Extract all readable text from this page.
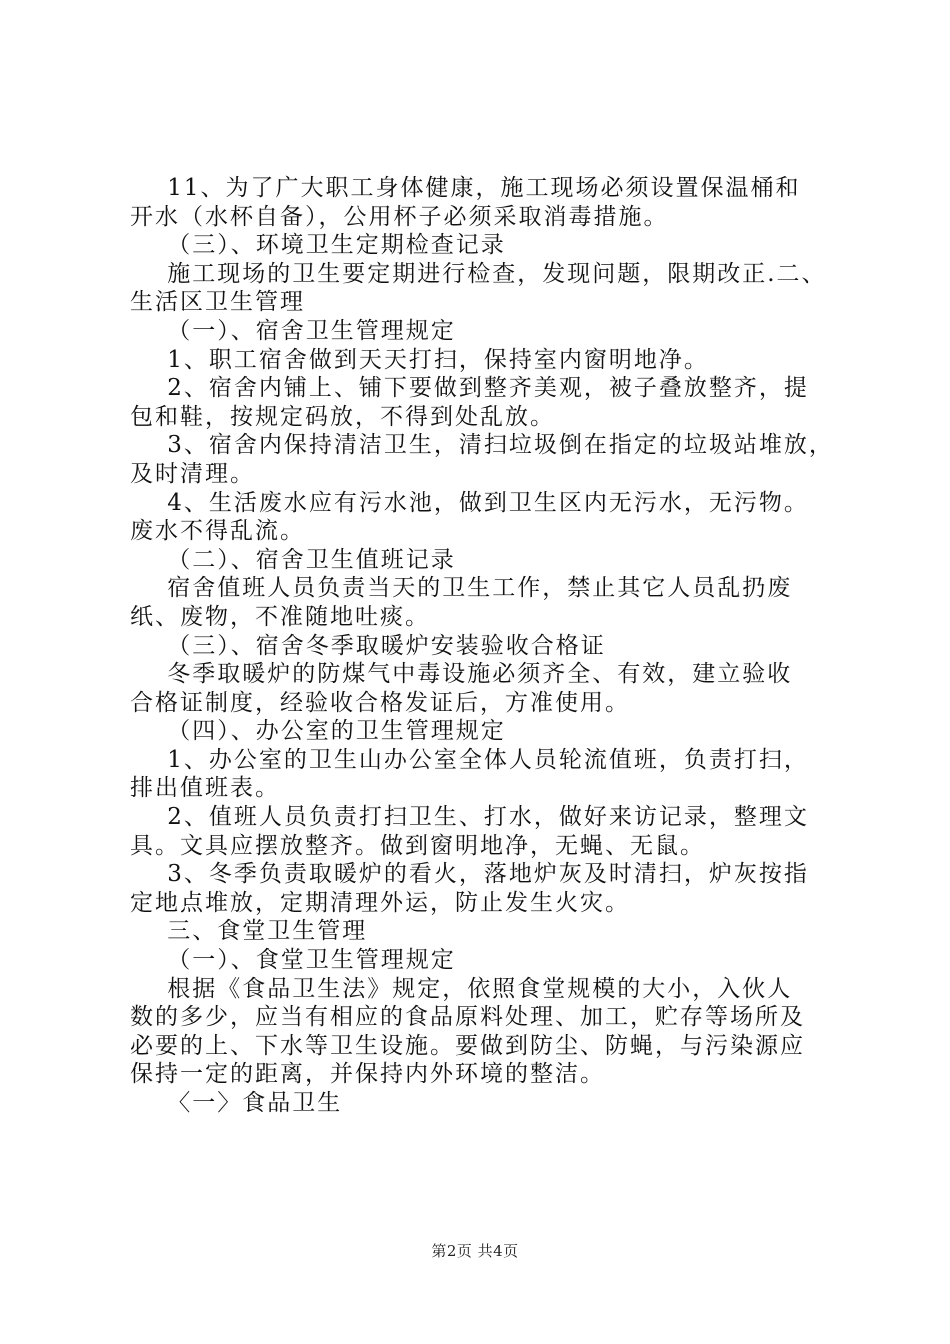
11、为了广大职工身体健康，施工现场必须设置保温桶和
开水（水杯自备），公用杯子必须采取消毒措施。
（三）、环境卫生定期检查记录
施工现场的卫生要定期进行检查，发现问题，限期改正.二、
生活区卫生管理
（一）、宿舍卫生管理规定
1、职工宿舍做到天天打扫，保持室内窗明地净。
2、宿舍内铺上、铺下要做到整齐美观，被子叠放整齐，提
包和鞋，按规定码放，不得到处乱放。
3、宿舍内保持清洁卫生，清扫垃圾倒在指定的垃圾站堆放，
及时清理。
4、生活废水应有污水池，做到卫生区内无污水，无污物。
废水不得乱流。
（二）、宿舍卫生值班记录
宿舍值班人员负责当天的卫生工作，禁止其它人员乱扔废
纸、废物，不准随地吐痰。
（三）、宿舍冬季取暖炉安装验收合格证
冬季取暖炉的防煤气中毒设施必须齐全、有效，建立验收
合格证制度，经验收合格发证后，方准使用。
（四）、办公室的卫生管理规定
1、办公室的卫生山办公室全体人员轮流值班，负责打扫，
排出值班表。
2、值班人员负责打扫卫生、打水，做好来访记录，整理文
具。文具应摆放整齐。做到窗明地净，无蝇、无鼠。
3、冬季负责取暖炉的看火，落地炉灰及时清扫，炉灰按指
定地点堆放，定期清理外运，防止发生火灾。
三、食堂卫生管理
（一）、食堂卫生管理规定
根据《食品卫生法》规定，依照食堂规模的大小，入伙人
数的多少，应当有相应的食品原料处理、加工，贮存等场所及
必要的上、下水等卫生设施。要做到防尘、防蝇，与污染源应
保持一定的距离，并保持内外环境的整洁。
〈一〉食品卫生
第2页 共4页
